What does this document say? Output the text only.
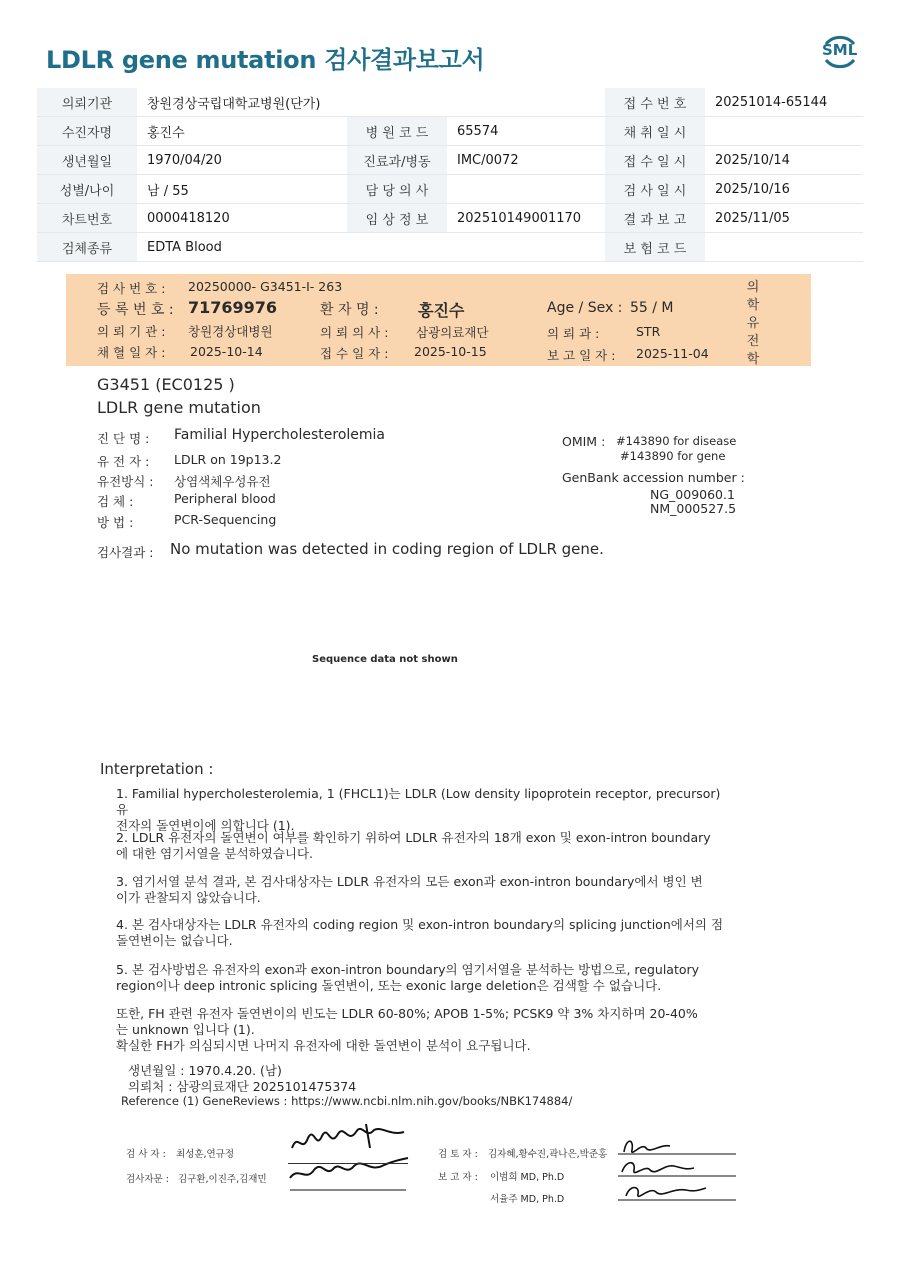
LDLR gene mutation 검사결과보고서	SML
의뢰기관	창원경상국립대학교병원(단가)			접 수 번 호	20251014-65144
수진자명	홍진수	병 원 코 드	65574	채 취 일 시	
생년월일	1970/04/20	진료과/병동	IMC/0072	접 수 일 시	2025/10/14
성별/나이	남 / 55	담 당 의 사		검 사 일 시	2025/10/16
차트번호	0000418120	임 상 정 보	202510149001170	결 과 보 고	2025/11/05
검체종류	EDTA Blood			보 험 코 드	
검 사 번 호 : 20250000- G3451-I- 263
등 록 번 호 : 71769976	환 자 명 : 홍진수	Age / Sex : 55 / M
의 뢰 기 관 : 창원경상대병원	의 뢰 의 사 : 삼광의료재단	의 뢰 과 :	STR
채 혈 일 자 : 2025-10-14	접 수 일 자 : 2025-10-15	보 고 일 자 : 2025-11-04
의
학
유
전
학
G3451 (EC0125 )
LDLR gene mutation
진 단 명 : Familial Hypercholesterolemia
유 전 자 : LDLR on 19p13.2
유전방식 : 상염색체우성유전
검 체 :	Peripheral blood
방 법 :	PCR-Sequencing
OMIM : #143890 for disease
#143890 for gene
GenBank accession number :
NG_009060.1
NM_000527.5
검사결과 : No mutation was detected in coding region of LDLR gene.
Sequence data not shown
Interpretation :
1. Familial hypercholesterolemia, 1 (FHCL1)는 LDLR (Low density lipoprotein receptor, precursor) 유
전자의 돌연변이에 의합니다 (1).
2. LDLR 유전자의 돌연변이 여부를 확인하기 위하여 LDLR 유전자의 18개 exon 및 exon-intron boundary
에 대한 염기서열을 분석하였습니다.
3. 염기서열 분석 결과, 본 검사대상자는 LDLR 유전자의 모든 exon과 exon-intron boundary에서 병인 변
이가 관찰되지 않았습니다.
4. 본 검사대상자는 LDLR 유전자의 coding region 및 exon-intron boundary의 splicing junction에서의 점
돌연변이는 없습니다.
5. 본 검사방법은 유전자의 exon과 exon-intron boundary의 염기서열을 분석하는 방법으로, regulatory
region이나 deep intronic splicing 돌연변이, 또는 exonic large deletion은 검색할 수 없습니다.
또한, FH 관련 유전자 돌연변이의 빈도는 LDLR 60-80%; APOB 1-5%; PCSK9 약 3% 차지하며 20-40%
는 unknown 입니다 (1).
확실한 FH가 의심되시면 나머지 유전자에 대한 돌연변이 분석이 요구됩니다.
생년월일 : 1970.4.20. (남)
의뢰처 : 삼광의료재단 2025101475374
Reference (1) GeneReviews : https://www.ncbi.nlm.nih.gov/books/NBK174884/
검 사 자 : 최성훈,연규정
검사자문 : 김구환,이진주,김재민
검 토 자 : 김자혜,황수진,곽나은,박준홍
보 고 자 : 이범희 MD, Ph.D
서율주 MD, Ph.D
